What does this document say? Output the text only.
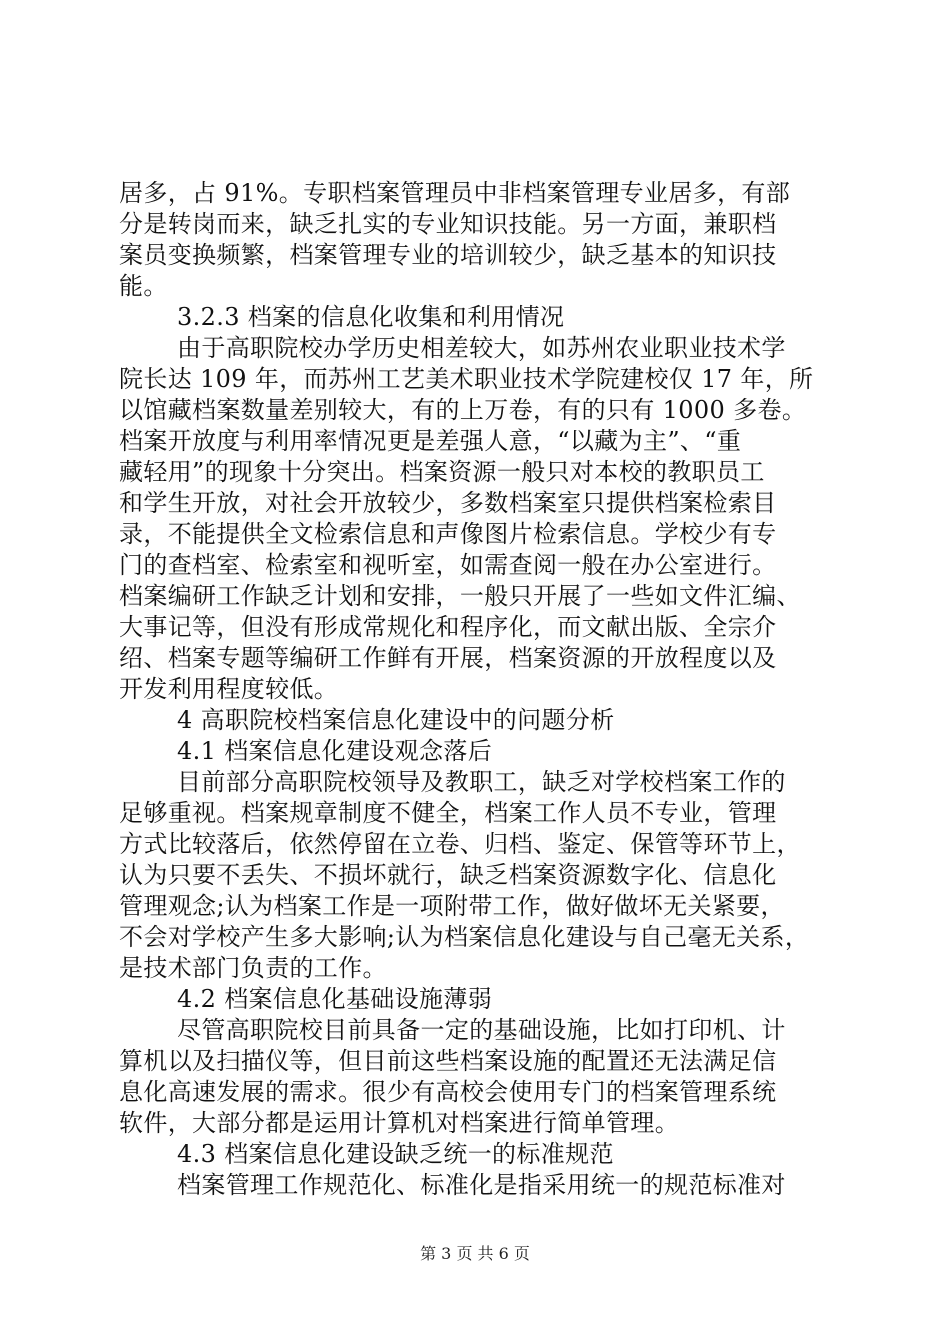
居多，占 91%。专职档案管理员中非档案管理专业居多，有部
分是转岗而来，缺乏扎实的专业知识技能。另一方面，兼职档
案员变换频繁，档案管理专业的培训较少，缺乏基本的知识技
能。
3.2.3 档案的信息化收集和利用情况
由于高职院校办学历史相差较大，如苏州农业职业技术学
院长达 109 年，而苏州工艺美术职业技术学院建校仅 17 年，所
以馆藏档案数量差别较大，有的上万卷，有的只有 1000 多卷。
档案开放度与利用率情况更是差强人意，“以藏为主”、“重
藏轻用”的现象十分突出。档案资源一般只对本校的教职员工
和学生开放，对社会开放较少，多数档案室只提供档案检索目
录，不能提供全文检索信息和声像图片检索信息。学校少有专
门的查档室、检索室和视听室，如需查阅一般在办公室进行。
档案编研工作缺乏计划和安排，一般只开展了一些如文件汇编、
大事记等，但没有形成常规化和程序化，而文献出版、全宗介
绍、档案专题等编研工作鲜有开展，档案资源的开放程度以及
开发利用程度较低。
4 高职院校档案信息化建设中的问题分析
4.1 档案信息化建设观念落后
目前部分高职院校领导及教职工，缺乏对学校档案工作的
足够重视。档案规章制度不健全，档案工作人员不专业，管理
方式比较落后，依然停留在立卷、归档、鉴定、保管等环节上，
认为只要不丢失、不损坏就行，缺乏档案资源数字化、信息化
管理观念;认为档案工作是一项附带工作，做好做坏无关紧要，
不会对学校产生多大影响;认为档案信息化建设与自己毫无关系，
是技术部门负责的工作。
4.2 档案信息化基础设施薄弱
尽管高职院校目前具备一定的基础设施，比如打印机、计
算机以及扫描仪等，但目前这些档案设施的配置还无法满足信
息化高速发展的需求。很少有高校会使用专门的档案管理系统
软件，大部分都是运用计算机对档案进行简单管理。
4.3 档案信息化建设缺乏统一的标准规范
档案管理工作规范化、标准化是指采用统一的规范标准对
第 3 页 共 6 页
